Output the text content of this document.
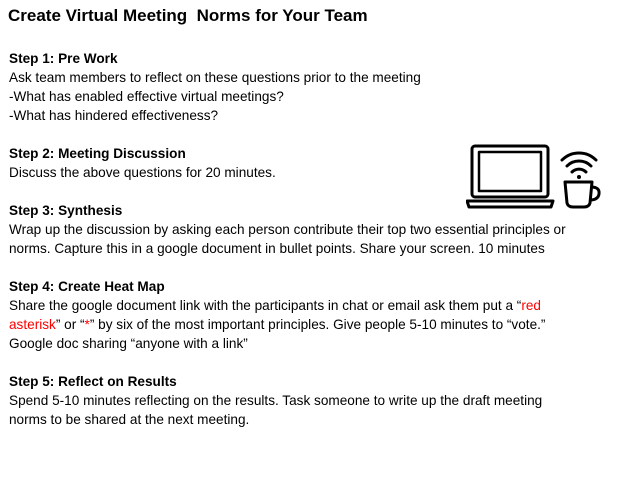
Create Virtual Meeting  Norms for Your Team
Step 1: Pre Work
Ask team members to reflect on these questions prior to the meeting
-What has enabled effective virtual meetings?
-What has hindered effectiveness?
Step 2: Meeting Discussion
Discuss the above questions for 20 minutes.
Step 3: Synthesis
Wrap up the discussion by asking each person contribute their top two essential principles or
norms. Capture this in a google document in bullet points. Share your screen. 10 minutes
Step 4: Create Heat Map
Share the google document link with the participants in chat or email ask them put a “red
asterisk” or “*” by six of the most important principles. Give people 5-10 minutes to “vote.”
Google doc sharing “anyone with a link”
Step 5: Reflect on Results
Spend 5-10 minutes reflecting on the results. Task someone to write up the draft meeting
norms to be shared at the next meeting.
